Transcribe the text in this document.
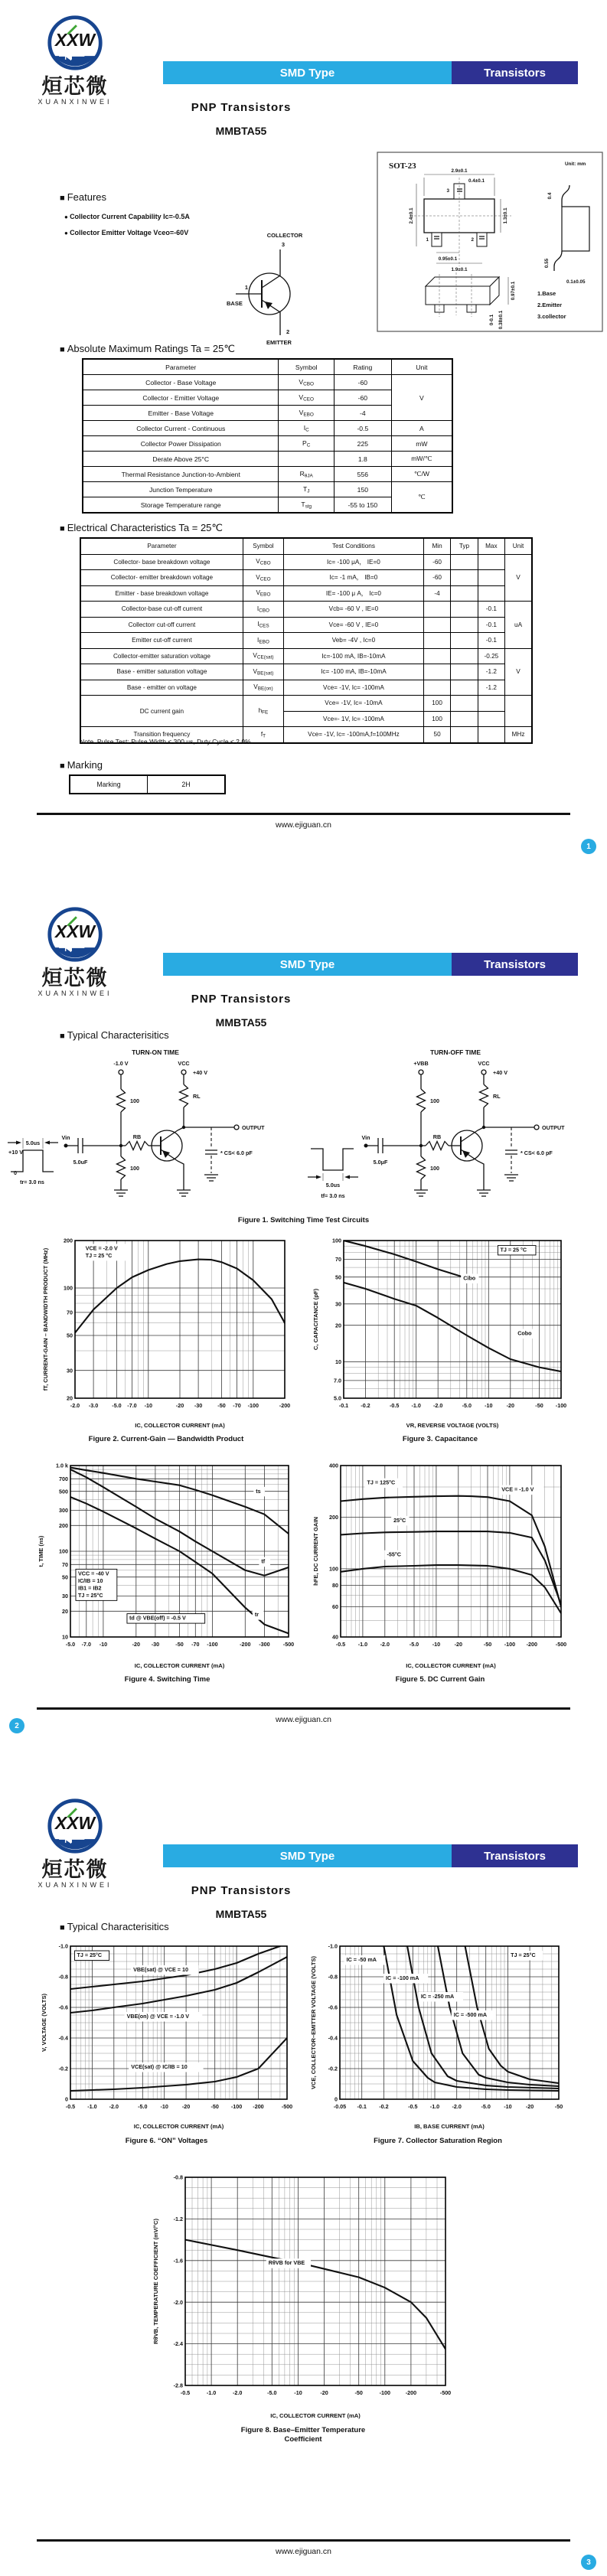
XXW
烜芯微
XUANXINWEI
SMD Type	Transistors
PNP Transistors
MMBTA55
■ Features
● Collector Current Capability Ic=-0.5A
● Collector Emitter Voltage Vceo=-60V	COLLECTOR
3
1
BASE
2
EMITTER
SOT-23	Unit: mm
3
1	2
2.9±0.1
0.4±0.1
2.4±0.1	1.3±0.1
0.95±0.1
1.9±0.1
0.4
0.55
0.1±0.05
0.97±0.1
0-0.1 0.38±0.1
1.Base
2.Emitter
3.collector
■ Absolute Maximum Ratings Ta = 25℃
Parameter	Symbol	Rating	Unit
Collector - Base Voltage	$V_{CBO}$	-60	V
Collector - Emitter Voltage	$V_{CEO}$	-60	
Emitter - Base Voltage	$V_{EBO}$	-4	
Collector Current - Continuous	$I_C$	-0.5	A
Collector Power Dissipation	$P_C$	225	mW
Derate Above 25°C		1.8	mW/℃
Thermal Resistance Junction-to-Ambient	$R_{\theta JA}$	556	℃/W
Junction Temperature	$T_J$	150	℃
Storage Temperature range	$T_{stg}$	-55 to 150	
■ Electrical Characteristics Ta = 25℃
Parameter	Symbol	Test Conditions	Min	Typ	Max	Unit
Collector- base breakdown voltage	$V_{CBO}$	Ic= -100 μA， IE=0	-60			V
Collector- emitter breakdown voltage	$V_{CEO}$	Ic= -1 mA， IB=0	-60			
Emitter - base breakdown voltage	$V_{EBO}$	IE= -100 μ A， Ic=0	-4			
Collector-base cut-off current	$I_{CBO}$	Vcb= -60 V , IE=0			-0.1	uA
Collectorr cut-off current	$I_{CES}$	Vce= -60 V , IE=0			-0.1	
Emitter cut-off current	$I_{EBO}$	Veb= -4V , Ic=0			-0.1	
Collector-emitter saturation voltage	$V_{CE(sat)}$	Ic=-100 mA, IB=-10mA			-0.25	V
Base - emitter saturation voltage	$V_{BE(sat)}$	Ic= -100 mA, IB=-10mA			-1.2	
Base - emitter on voltage	$V_{BE(on)}$	Vce= -1V, Ic= -100mA			-1.2	
DC current gain	$h_{FE}$	Vce= -1V, Ic= -10mA	100			
		Vce=- 1V, Ic= -100mA	100			
Transition frequency	$f_T$	Vce= -1V, Ic= -100mA,f=100MHz	50			MHz
Note. Pulse Test: Pulse Width ≤ 300 us, Duty Cycle ≤ 2.0%.
■ Marking
Marking	2H
www.ejiguan.cn
1
XXW
烜芯微
XUANXINWEI
SMD Type	Transistors
PNP Transistors
MMBTA55
■ Typical Characterisitics
TURN-ON TIME
5.0us
+10 V
0
tr= 3.0 ns
-1.0 V
100
100
VCC
+40 V
RL
RB
OUTPUT
* CS< 6.0 pF
Vin
5.0uF
TURN-OFF TIME
5.0us
tf= 3.0 ns
+VBB
100
100
VCC
+40 V
RL
RB
OUTPUT
* CS< 6.0 pF
Vin
5.0μF
Figure 1. Switching Time Test Circuits
-2.0 -3.0	-5.0 -7.0 -10	-20 -30	-50 -70 -100	-200
20
30
50
70
100
200
IC, COLLECTOR CURRENT (mA)
fT, CURRENT-GAIN – BANDWIDTH PRODUCT (MHz)	VCE = -2.0 V
TJ = 25 °C
Figure 2. Current-Gain — Bandwidth Product
-0.1 -0.2	-0.5 -1.0 -2.0	-5.0 -10	-20	-50 -100
5.0
7.0
10
20
30
50
70
100
VR, REVERSE VOLTAGE (VOLTS)
C, CAPACITANCE (pF)
TJ = 25 °C
Cibo
Cobo
Figure 3. Capacitance
-5.0 -7.0 -10	-20 -30	-50 -70 -100	-200 -300 -500
10
20
30
50
70
100
200
300
500
700
1.0 k
IC, COLLECTOR CURRENT (mA)
t, TIME (ns)
VCC = -40 V
IC/IB = 10
IB1 = IB2
TJ = 25°C
td @ VBE(off) = -0.5 V
ts
tf
tr
Figure 4. Switching Time
-0.5 -1.0 -2.0	-5.0 -10	-20	-50 -100 -200	-500
40
60
80
100
200
400
IC, COLLECTOR CURRENT (mA)
hFE, DC CURRENT GAIN
TJ = 125°C
25°C
-55°C
VCE = -1.0 V
Figure 5. DC Current Gain
www.ejiguan.cn
2
XXW
烜芯微
XUANXINWEI
SMD Type	Transistors
PNP Transistors
MMBTA55
■ Typical Characterisitics
-0.5 -1.0 -2.0	-5.0 -10	-20	-50 -100 -200	-500
0
-0.2
-0.4
-0.6
-0.8
-1.0
IC, COLLECTOR CURRENT (mA)
V, VOLTAGE (VOLTS)
TJ = 25°C
VBE(sat) @ VCE = 10
VBE(on) @ VCE = -1.0 V
VCE(sat) @ IC/IB = 10
Figure 6. “ON” Voltages
-0.05 -0.1 -0.2	-0.5 -1.0 -2.0	-5.0 -10	-20	-50
0
-0.2
-0.4
-0.6
-0.8
-1.0
IB, BASE CURRENT (mA)
VCE, COLLECTOR–EMITTER VOLTAGE (VOLTS)
TJ = 25°C
IC = -50 mA
IC = -100 mA
IC = -250 mA
IC = -500 mA
Figure 7. Collector Saturation Region
-0.5	-1.0	-2.0	-5.0	-10	-20	-50	-100	-200	-500
-0.8
-1.2
-1.6
-2.0
-2.4
-2.8
IC, COLLECTOR CURRENT (mA)
RθVB, TEMPERATURE COEFFICIENT (mV/°C)	RθVB for VBE
Figure 8. Base–Emitter Temperature
Coefficient
www.ejiguan.cn
3
